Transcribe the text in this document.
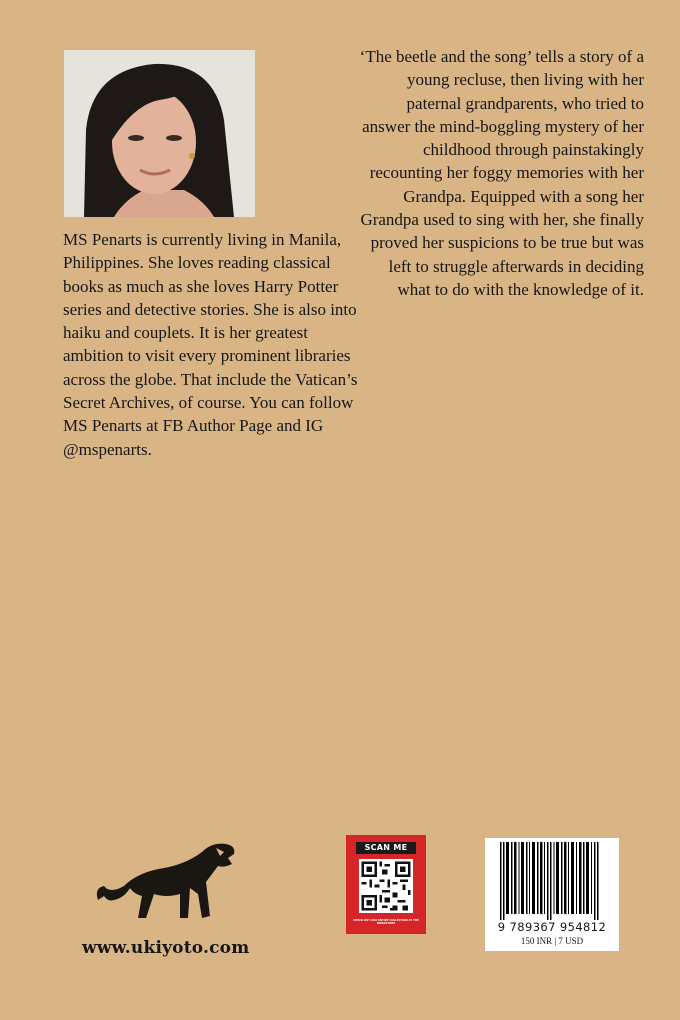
MS Penarts is currently living in Manila, Philippines. She loves reading classical books as much as she loves Harry Potter series and detective stories. She is also into haiku and couplets. It is her greatest ambition to visit every prominent libraries across the globe. That include the Vatican’s Secret Archives, of course. You can follow MS Penarts at FB Author Page and IG @mspenarts.

‘The beetle and the song’ tells a story of a young recluse, then living with her paternal grandparents, who tried to answer the mind-boggling mystery of her childhood through painstakingly recounting her foggy memories with her Grandpa. Equipped with a song her Grandpa used to sing with her, she finally proved her suspicions to be true but was left to struggle afterwards in deciding what to do with the knowledge of it.

www.ukiyoto.com
SCAN ME
CHECK OUT OUR ENTIRE COLLECTION AT THE BOOKSTORE	9 789367 954812
150 INR | 7 USD
